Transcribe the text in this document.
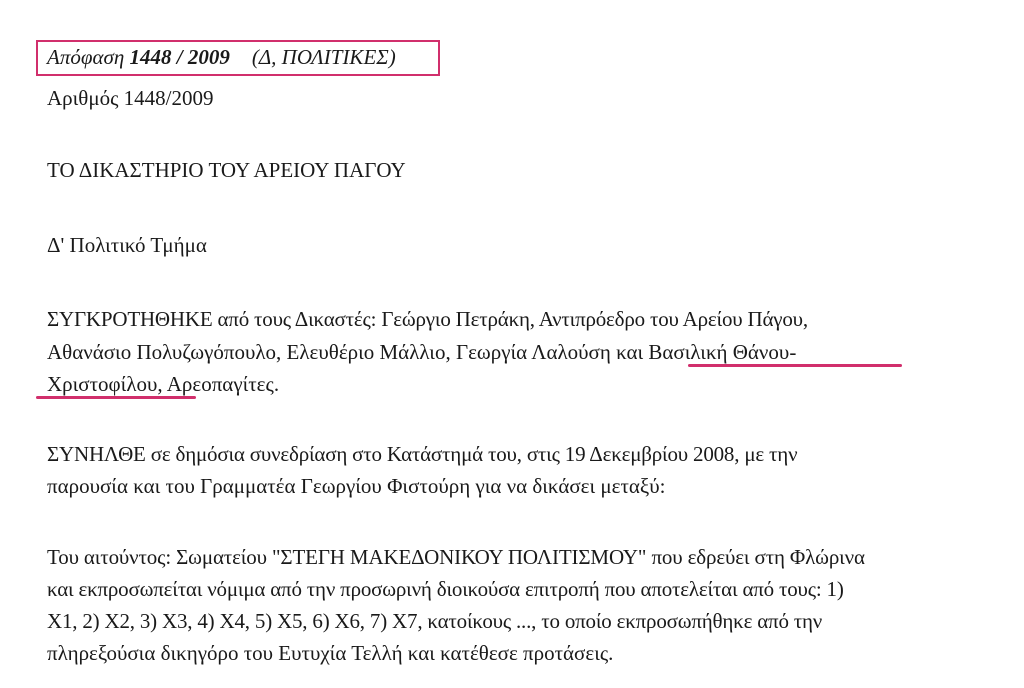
Απόφαση 1448 / 2009 (Δ, ΠΟΛΙΤΙΚΕΣ)
Αριθμός 1448/2009
ΤΟ ΔΙΚΑΣΤΗΡΙΟ ΤΟΥ ΑΡΕΙΟΥ ΠΑΓΟΥ
Δ' Πολιτικό Τμήμα
ΣΥΓΚΡΟΤΗΘΗΚΕ από τους Δικαστές: Γεώργιο Πετράκη, Αντιπρόεδρο του Αρείου Πάγου,
Αθανάσιο Πολυζωγόπουλο, Ελευθέριο Μάλλιο, Γεωργία Λαλούση και Βασιλική Θάνου-
Χριστοφίλου, Αρεοπαγίτες.
ΣΥΝΗΛΘΕ σε δημόσια συνεδρίαση στο Κατάστημά του, στις 19 Δεκεμβρίου 2008, με την
παρουσία και του Γραμματέα Γεωργίου Φιστούρη για να δικάσει μεταξύ:
Του αιτούντος: Σωματείου "ΣΤΕΓΗ ΜΑΚΕΔΟΝΙΚΟΥ ΠΟΛΙΤΙΣΜΟΥ" που εδρεύει στη Φλώρινα
και εκπροσωπείται νόμιμα από την προσωρινή διοικούσα επιτροπή που αποτελείται από τους: 1)
Χ1, 2) Χ2, 3) Χ3, 4) Χ4, 5) Χ5, 6) Χ6, 7) Χ7, κατοίκους ..., το οποίο εκπροσωπήθηκε από την
πληρεξούσια δικηγόρο του Ευτυχία Τελλή και κατέθεσε προτάσεις.
